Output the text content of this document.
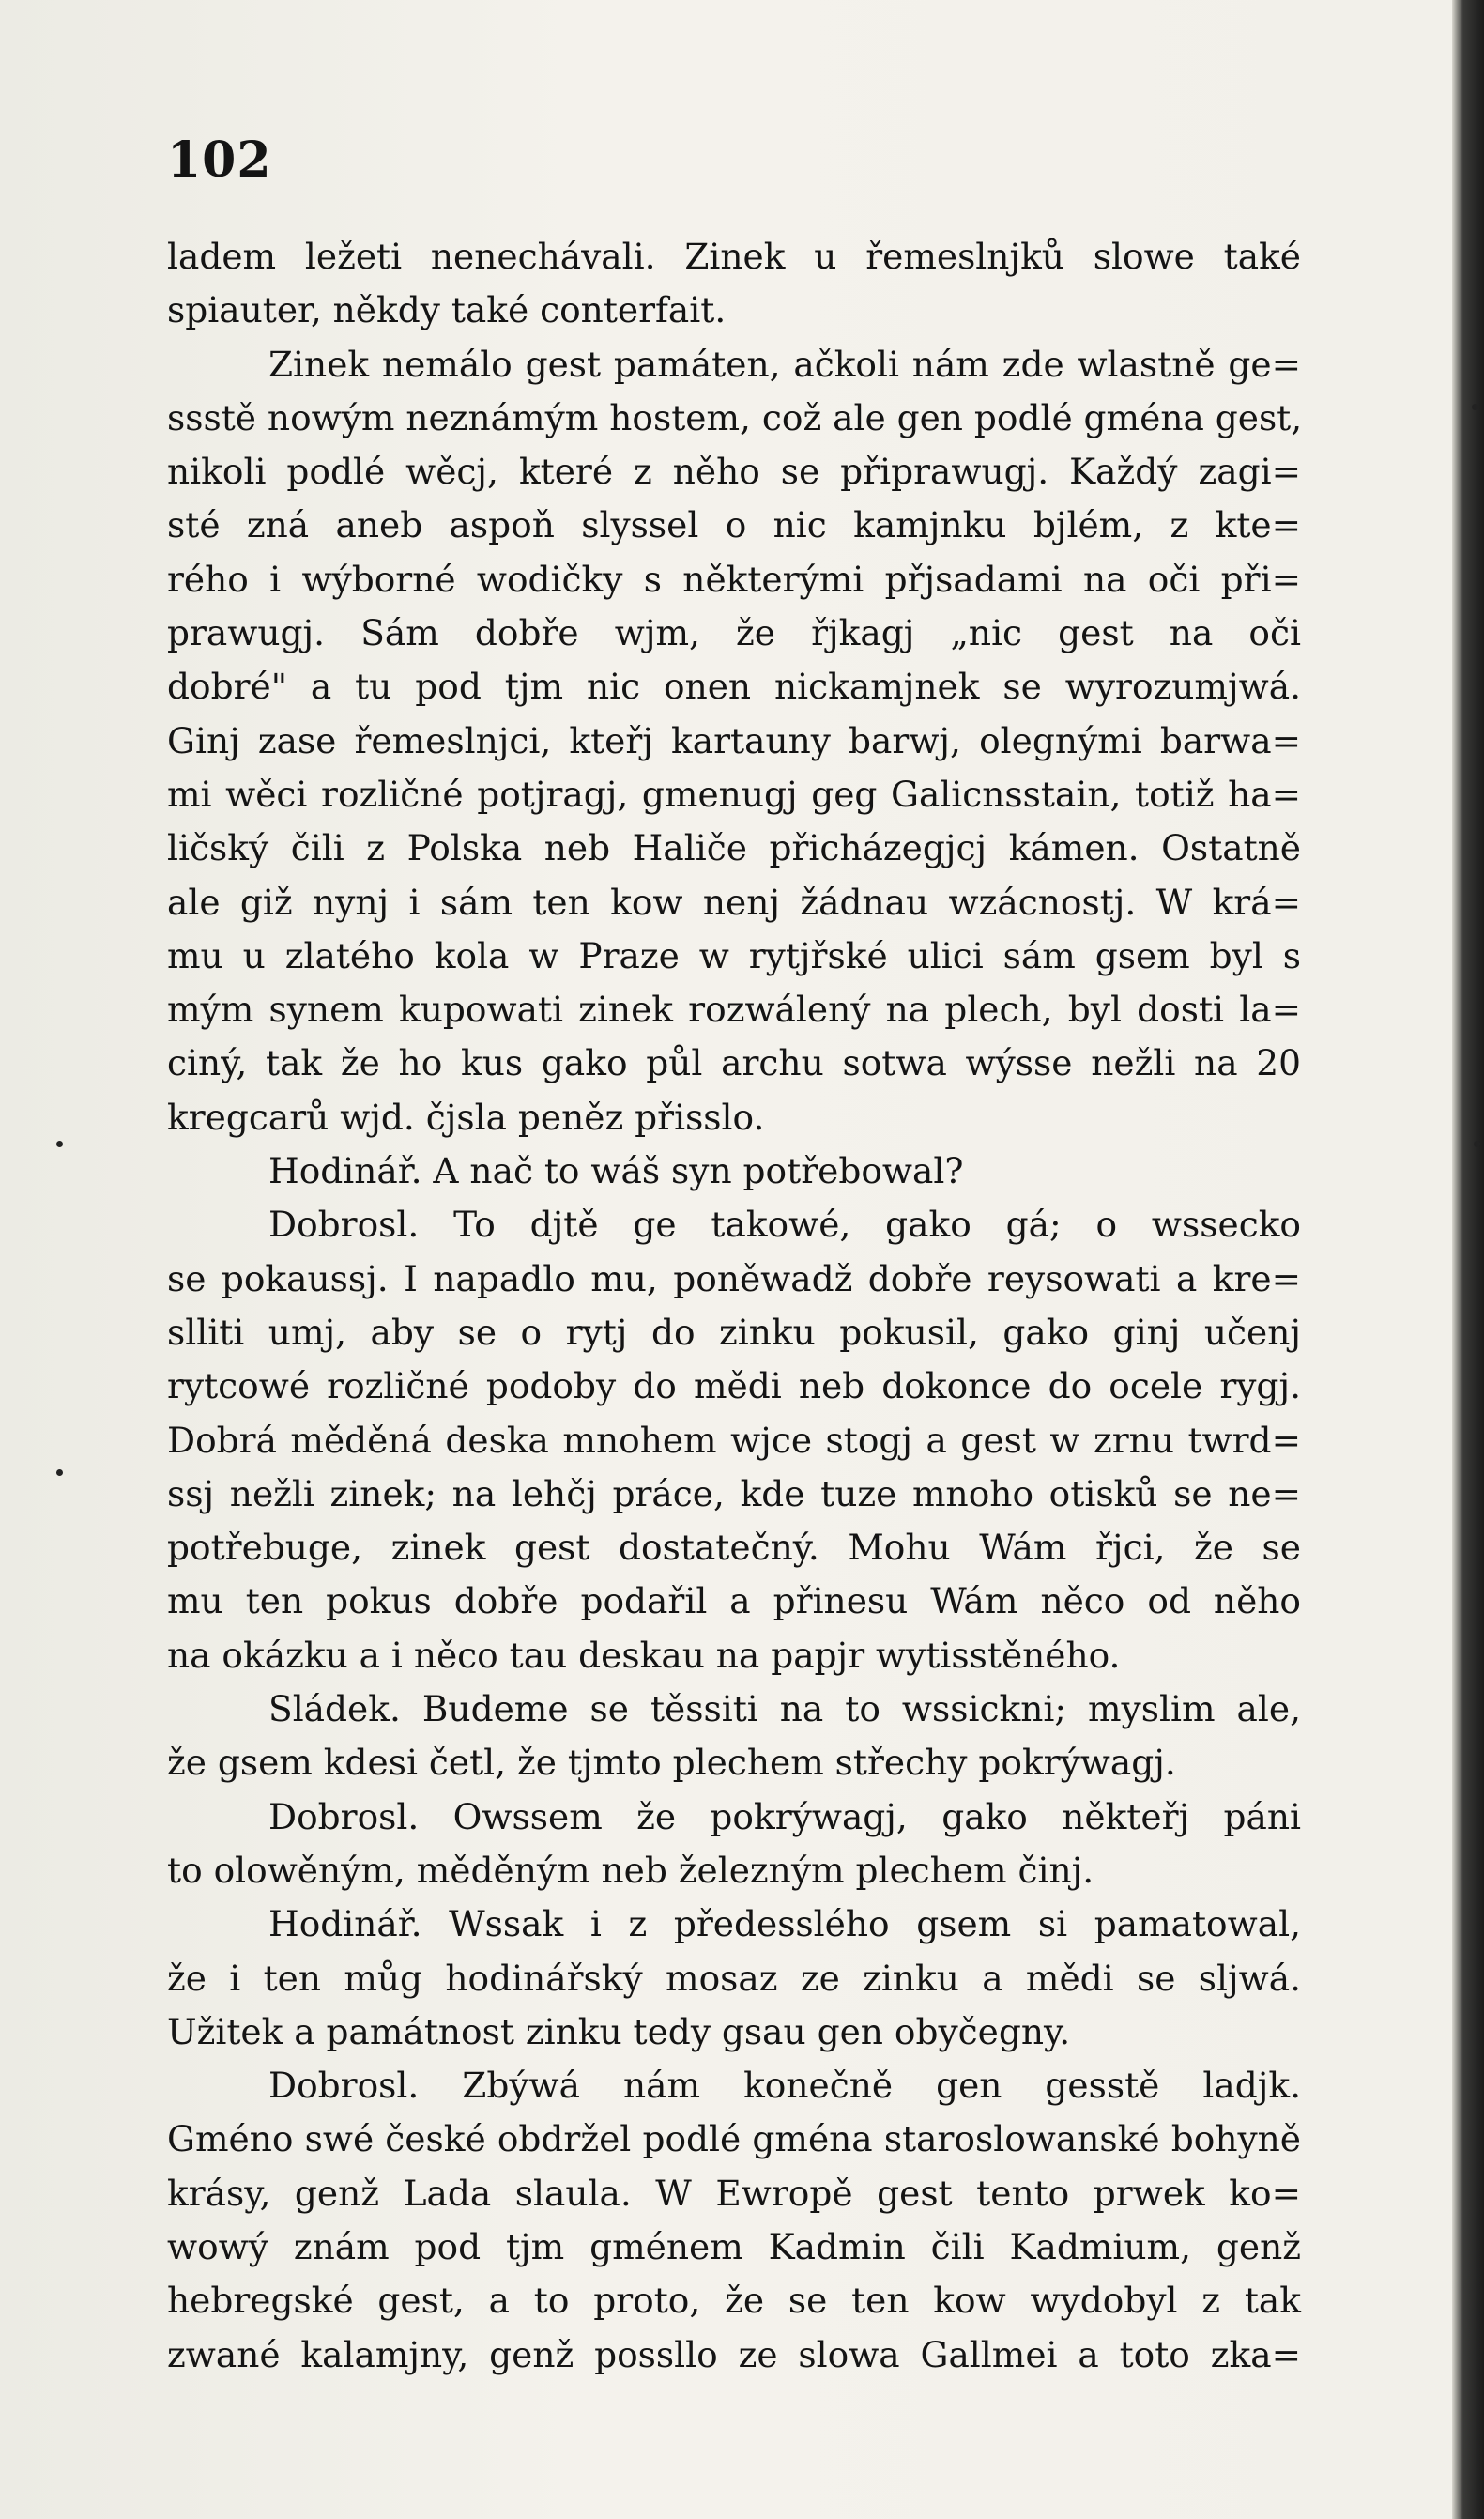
102
ladem ležeti nenechávali. Zinek u řemeslnjků slowe také
spiauter, někdy také conterfait.
Zinek nemálo gest památen, ačkoli nám zde wlastně ge=
ssstě nowým neznámým hostem, což ale gen podlé gména gest,
nikoli podlé wěcj, které z něho se připrawugj. Každý zagi=
sté zná aneb aspoň slyssel o nic kamjnku bjlém, z kte=
rého i wýborné wodičky s některými přjsadami na oči při=
prawugj. Sám dobře wjm, že řjkagj „nic gest na oči
dobré" a tu pod tjm nic onen nickamjnek se wyrozumjwá.
Ginj zase řemeslnjci, kteřj kartauny barwj, olegnými barwa=
mi wěci rozličné potjragj, gmenugj geg Galicnsstain, totiž ha=
ličský čili z Polska neb Haliče přicházegjcj kámen. Ostatně
ale giž nynj i sám ten kow nenj žádnau wzácnostj. W krá=
mu u zlatého kola w Praze w rytjřské ulici sám gsem byl s
mým synem kupowati zinek rozwálený na plech, byl dosti la=
ciný, tak že ho kus gako půl archu sotwa wýsse nežli na 20
kregcarů wjd. čjsla peněz přisslo.
Hodinář. A nač to wáš syn potřebowal?
Dobrosl. To djtě ge takowé, gako gá; o wssecko
se pokaussj. I napadlo mu, poněwadž dobře reysowati a kre=
slliti umj, aby se o rytj do zinku pokusil, gako ginj učenj
rytcowé rozličné podoby do mědi neb dokonce do ocele rygj.
Dobrá měděná deska mnohem wjce stogj a gest w zrnu twrd=
ssj nežli zinek; na lehčj práce, kde tuze mnoho otisků se ne=
potřebuge, zinek gest dostatečný. Mohu Wám řjci, že se
mu ten pokus dobře podařil a přinesu Wám něco od něho
na okázku a i něco tau deskau na papjr wytisstěného.
Sládek. Budeme se těssiti na to wssickni; myslim ale,
že gsem kdesi četl, že tjmto plechem střechy pokrýwagj.
Dobrosl. Owssem že pokrýwagj, gako někteřj páni
to olowěným, měděným neb železným plechem činj.
Hodinář. Wssak i z předesslého gsem si pamatowal,
že i ten můg hodinářský mosaz ze zinku a mědi se sljwá.
Užitek a památnost zinku tedy gsau gen obyčegny.
Dobrosl. Zbýwá nám konečně gen gesstě ladjk.
Gméno swé české obdržel podlé gména staroslowanské bohyně
krásy, genž Lada slaula. W Ewropě gest tento prwek ko=
wowý znám pod tjm gménem Kadmin čili Kadmium, genž
hebregské gest, a to proto, že se ten kow wydobyl z tak
zwané kalamjny, genž possllo ze slowa Gallmei a toto zka=
